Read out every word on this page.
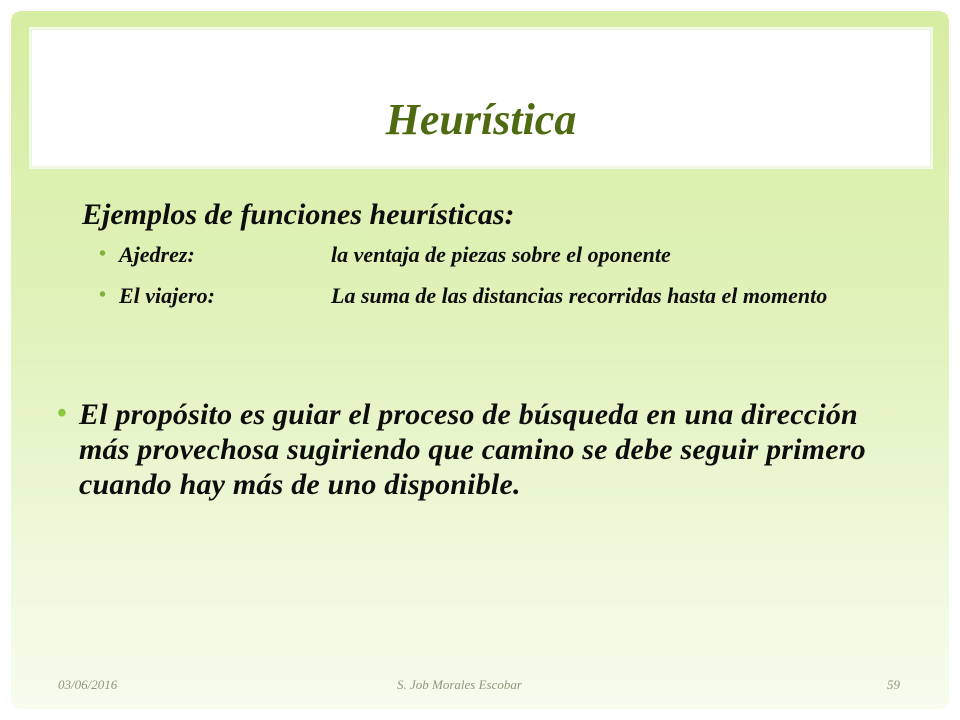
Heurística
Ejemplos de funciones heurísticas:
• Ajedrez:	la ventaja de piezas sobre el oponente
• El viajero:	La suma de las distancias recorridas hasta el momento
• El propósito es guiar el proceso de búsqueda en una dirección más provechosa sugiriendo que camino se debe seguir primero cuando hay más de uno disponible.
03/06/2016	S. Job Morales Escobar	59
